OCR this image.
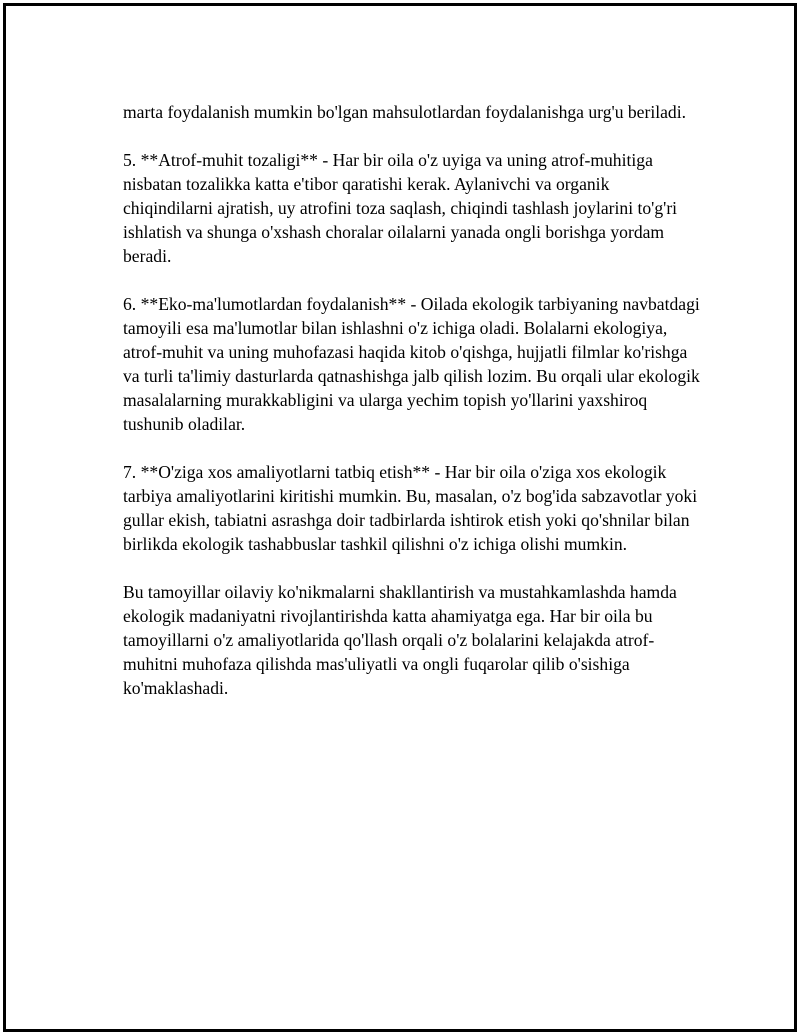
marta foydalanish mumkin bo'lgan mahsulotlardan foydalanishga urg'u beriladi.

5. **Atrof-muhit tozaligi** - Har bir oila o'z uyiga va uning atrof-muhitiga nisbatan tozalikka katta e'tibor qaratishi kerak. Aylanivchi va organik chiqindilarni ajratish, uy atrofini toza saqlash, chiqindi tashlash joylarini to'g'ri ishlatish va shunga o'xshash choralar oilalarni yanada ongli borishga yordam beradi.

6. **Eko-ma'lumotlardan foydalanish** - Oilada ekologik tarbiyaning navbatdagi tamoyili esa ma'lumotlar bilan ishlashni o'z ichiga oladi. Bolalarni ekologiya, atrof-muhit va uning muhofazasi haqida kitob o'qishga, hujjatli filmlar ko'rishga va turli ta'limiy dasturlarda qatnashishga jalb qilish lozim. Bu orqali ular ekologik masalalarning murakkabligini va ularga yechim topish yo'llarini yaxshiroq tushunib oladilar.

7. **O'ziga xos amaliyotlarni tatbiq etish** - Har bir oila o'ziga xos ekologik tarbiya amaliyotlarini kiritishi mumkin. Bu, masalan, o'z bog'ida sabzavotlar yoki gullar ekish, tabiatni asrashga doir tadbirlarda ishtirok etish yoki qo'shnilar bilan birlikda ekologik tashabbuslar tashkil qilishni o'z ichiga olishi mumkin.

Bu tamoyillar oilaviy ko'nikmalarni shakllantirish va mustahkamlashda hamda ekologik madaniyatni rivojlantirishda katta ahamiyatga ega. Har bir oila bu tamoyillarni o'z amaliyotlarida qo'llash orqali o'z bolalarini kelajakda atrof-muhitni muhofaza qilishda mas'uliyatli va ongli fuqarolar qilib o'sishiga ko'maklashadi.
